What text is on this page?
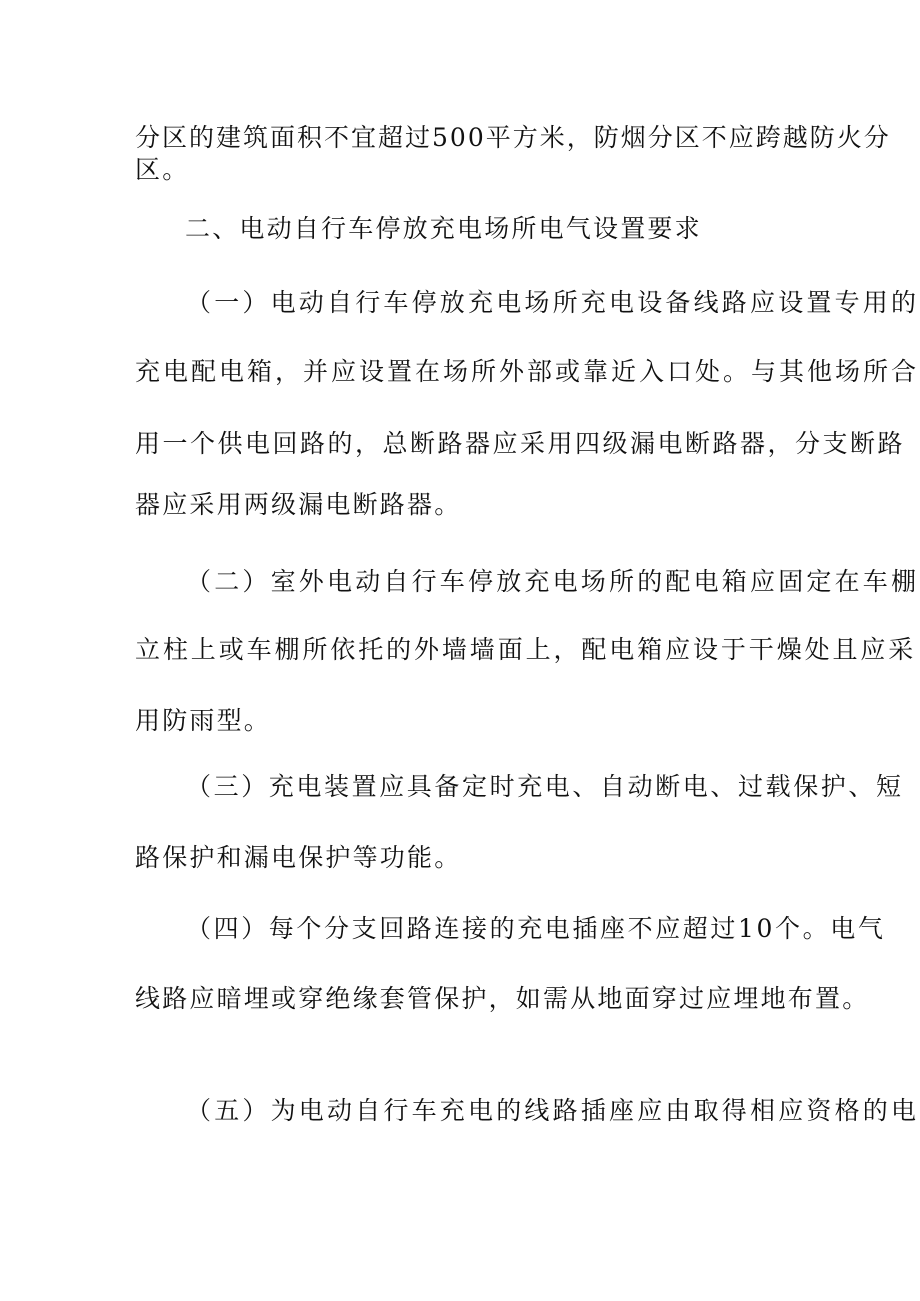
分区的建筑面积不宜超过500平方米，防烟分区不应跨越防火分
区。
二、电动自行车停放充电场所电气设置要求
（一）电动自行车停放充电场所充电设备线路应设置专用的
充电配电箱，并应设置在场所外部或靠近入口处。与其他场所合
用一个供电回路的，总断路器应采用四级漏电断路器，分支断路
器应采用两级漏电断路器。
（二）室外电动自行车停放充电场所的配电箱应固定在车棚
立柱上或车棚所依托的外墙墙面上，配电箱应设于干燥处且应采
用防雨型。
（三）充电装置应具备定时充电、自动断电、过载保护、短
路保护和漏电保护等功能。
（四）每个分支回路连接的充电插座不应超过10个。电气
线路应暗埋或穿绝缘套管保护，如需从地面穿过应埋地布置。
（五）为电动自行车充电的线路插座应由取得相应资格的电
